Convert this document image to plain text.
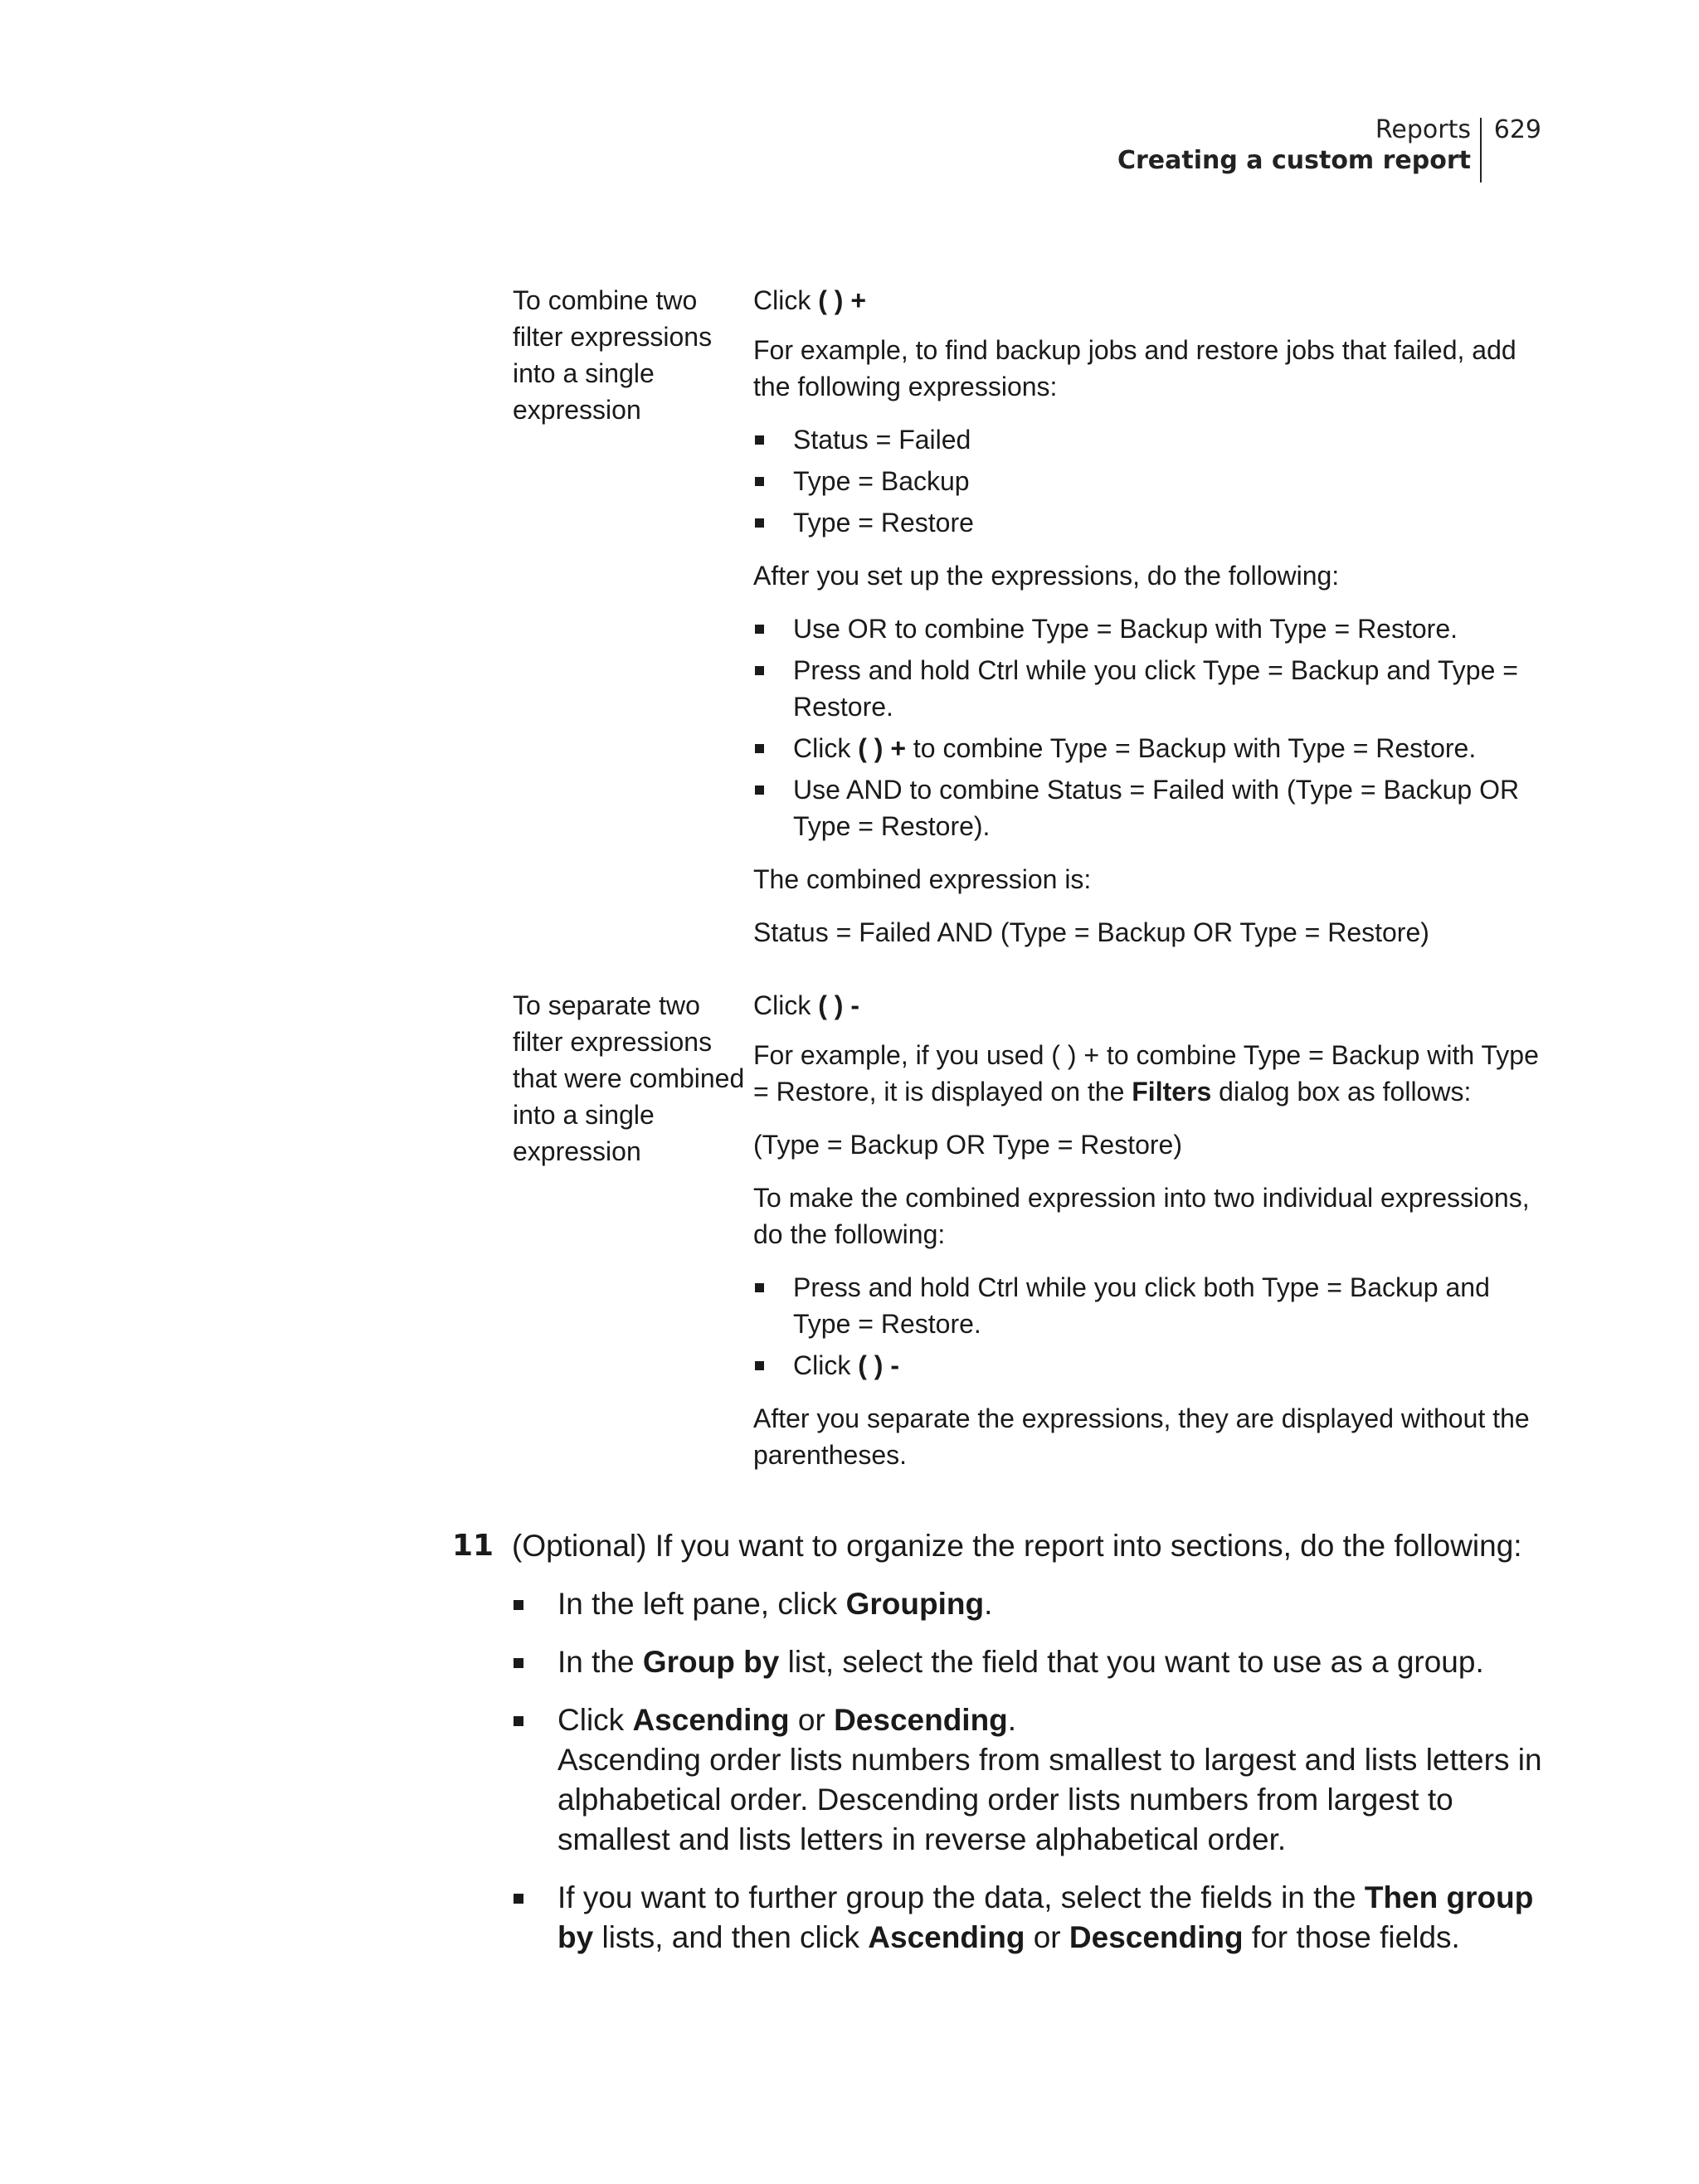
Reports
Creating a custom report
629
To combine two filter expressions into a single expression

Click ( ) +

For example, to find backup jobs and restore jobs that failed, add the following expressions:

Status = Failed
Type = Backup
Type = Restore

After you set up the expressions, do the following:

Use OR to combine Type = Backup with Type = Restore.
Press and hold Ctrl while you click Type = Backup and Type = Restore.
Click ( ) + to combine Type = Backup with Type = Restore.
Use AND to combine Status = Failed with (Type = Backup OR Type = Restore).

The combined expression is:

Status = Failed AND (Type = Backup OR Type = Restore)

To separate two filter expressions that were combined into a single expression

Click ( ) -

For example, if you used ( ) + to combine Type = Backup with Type = Restore, it is displayed on the Filters dialog box as follows:

(Type = Backup OR Type = Restore)

To make the combined expression into two individual expressions, do the following:

Press and hold Ctrl while you click both Type = Backup and Type = Restore.
Click ( ) -

After you separate the expressions, they are displayed without the parentheses.

11 (Optional) If you want to organize the report into sections, do the following:

In the left pane, click Grouping.
In the Group by list, select the field that you want to use as a group.
Click Ascending or Descending.
Ascending order lists numbers from smallest to largest and lists letters in alphabetical order. Descending order lists numbers from largest to smallest and lists letters in reverse alphabetical order.
If you want to further group the data, select the fields in the Then group by lists, and then click Ascending or Descending for those fields.
